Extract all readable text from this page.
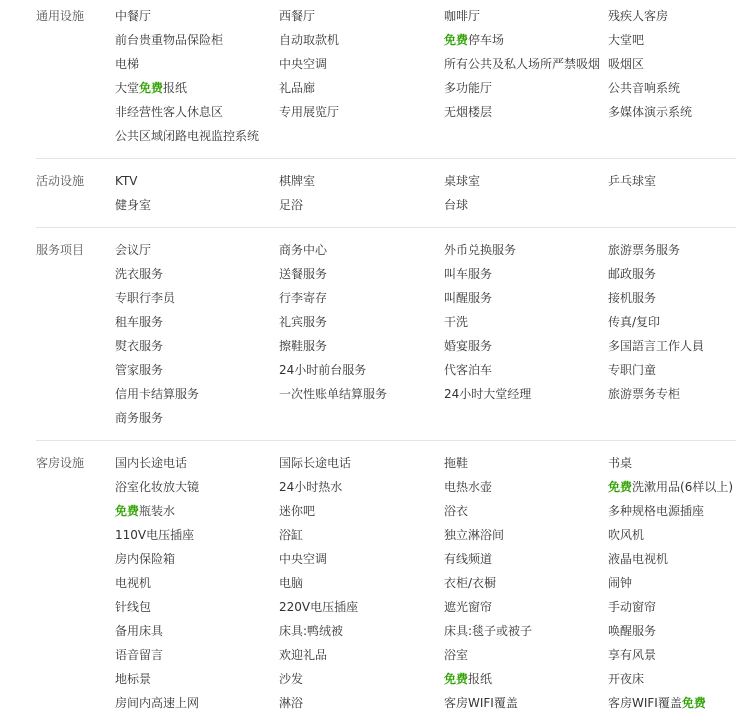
通用设施	中餐厅	西餐厅	咖啡厅	残疾人客房
前台贵重物品保险柜	自动取款机	免费停车场	大堂吧
电梯	中央空调	所有公共及私人场所严禁吸烟 吸烟区
大堂免费报纸	礼品廊	多功能厅	公共音响系统
非经营性客人休息区	专用展览厅	无烟楼层	多媒体演示系统
公共区域闭路电视监控系统
活动设施	KTV	棋牌室	桌球室	乒乓球室
健身室	足浴	台球
服务项目	会议厅	商务中心	外币兑换服务	旅游票务服务
洗衣服务	送餐服务	叫车服务	邮政服务
专职行李员	行李寄存	叫醒服务	接机服务
租车服务	礼宾服务	干洗	传真/复印
熨衣服务	擦鞋服务	婚宴服务	多国語言工作人員
管家服务	24小时前台服务	代客泊车	专职门童
信用卡结算服务	一次性账单结算服务	24小时大堂经理	旅游票务专柜
商务服务
客房设施	国内长途电话	国际长途电话	拖鞋	书桌
浴室化妆放大镜	24小时热水	电热水壶	免费洗漱用品(6样以上)
免费瓶装水	迷你吧	浴衣	多种规格电源插座
110V电压插座	浴缸	独立淋浴间	吹风机
房内保险箱	中央空调	有线频道	液晶电视机
电视机	电脑	衣柜/衣橱	闹钟
针线包	220V电压插座	遮光窗帘	手动窗帘
备用床具	床具:鸭绒被	床具:毯子或被子	唤醒服务
语音留言	欢迎礼品	浴室	享有风景
地标景	沙发	免费报纸	开夜床
房间内高速上网	淋浴	客房WIFI覆盖	客房WIFI覆盖免费
